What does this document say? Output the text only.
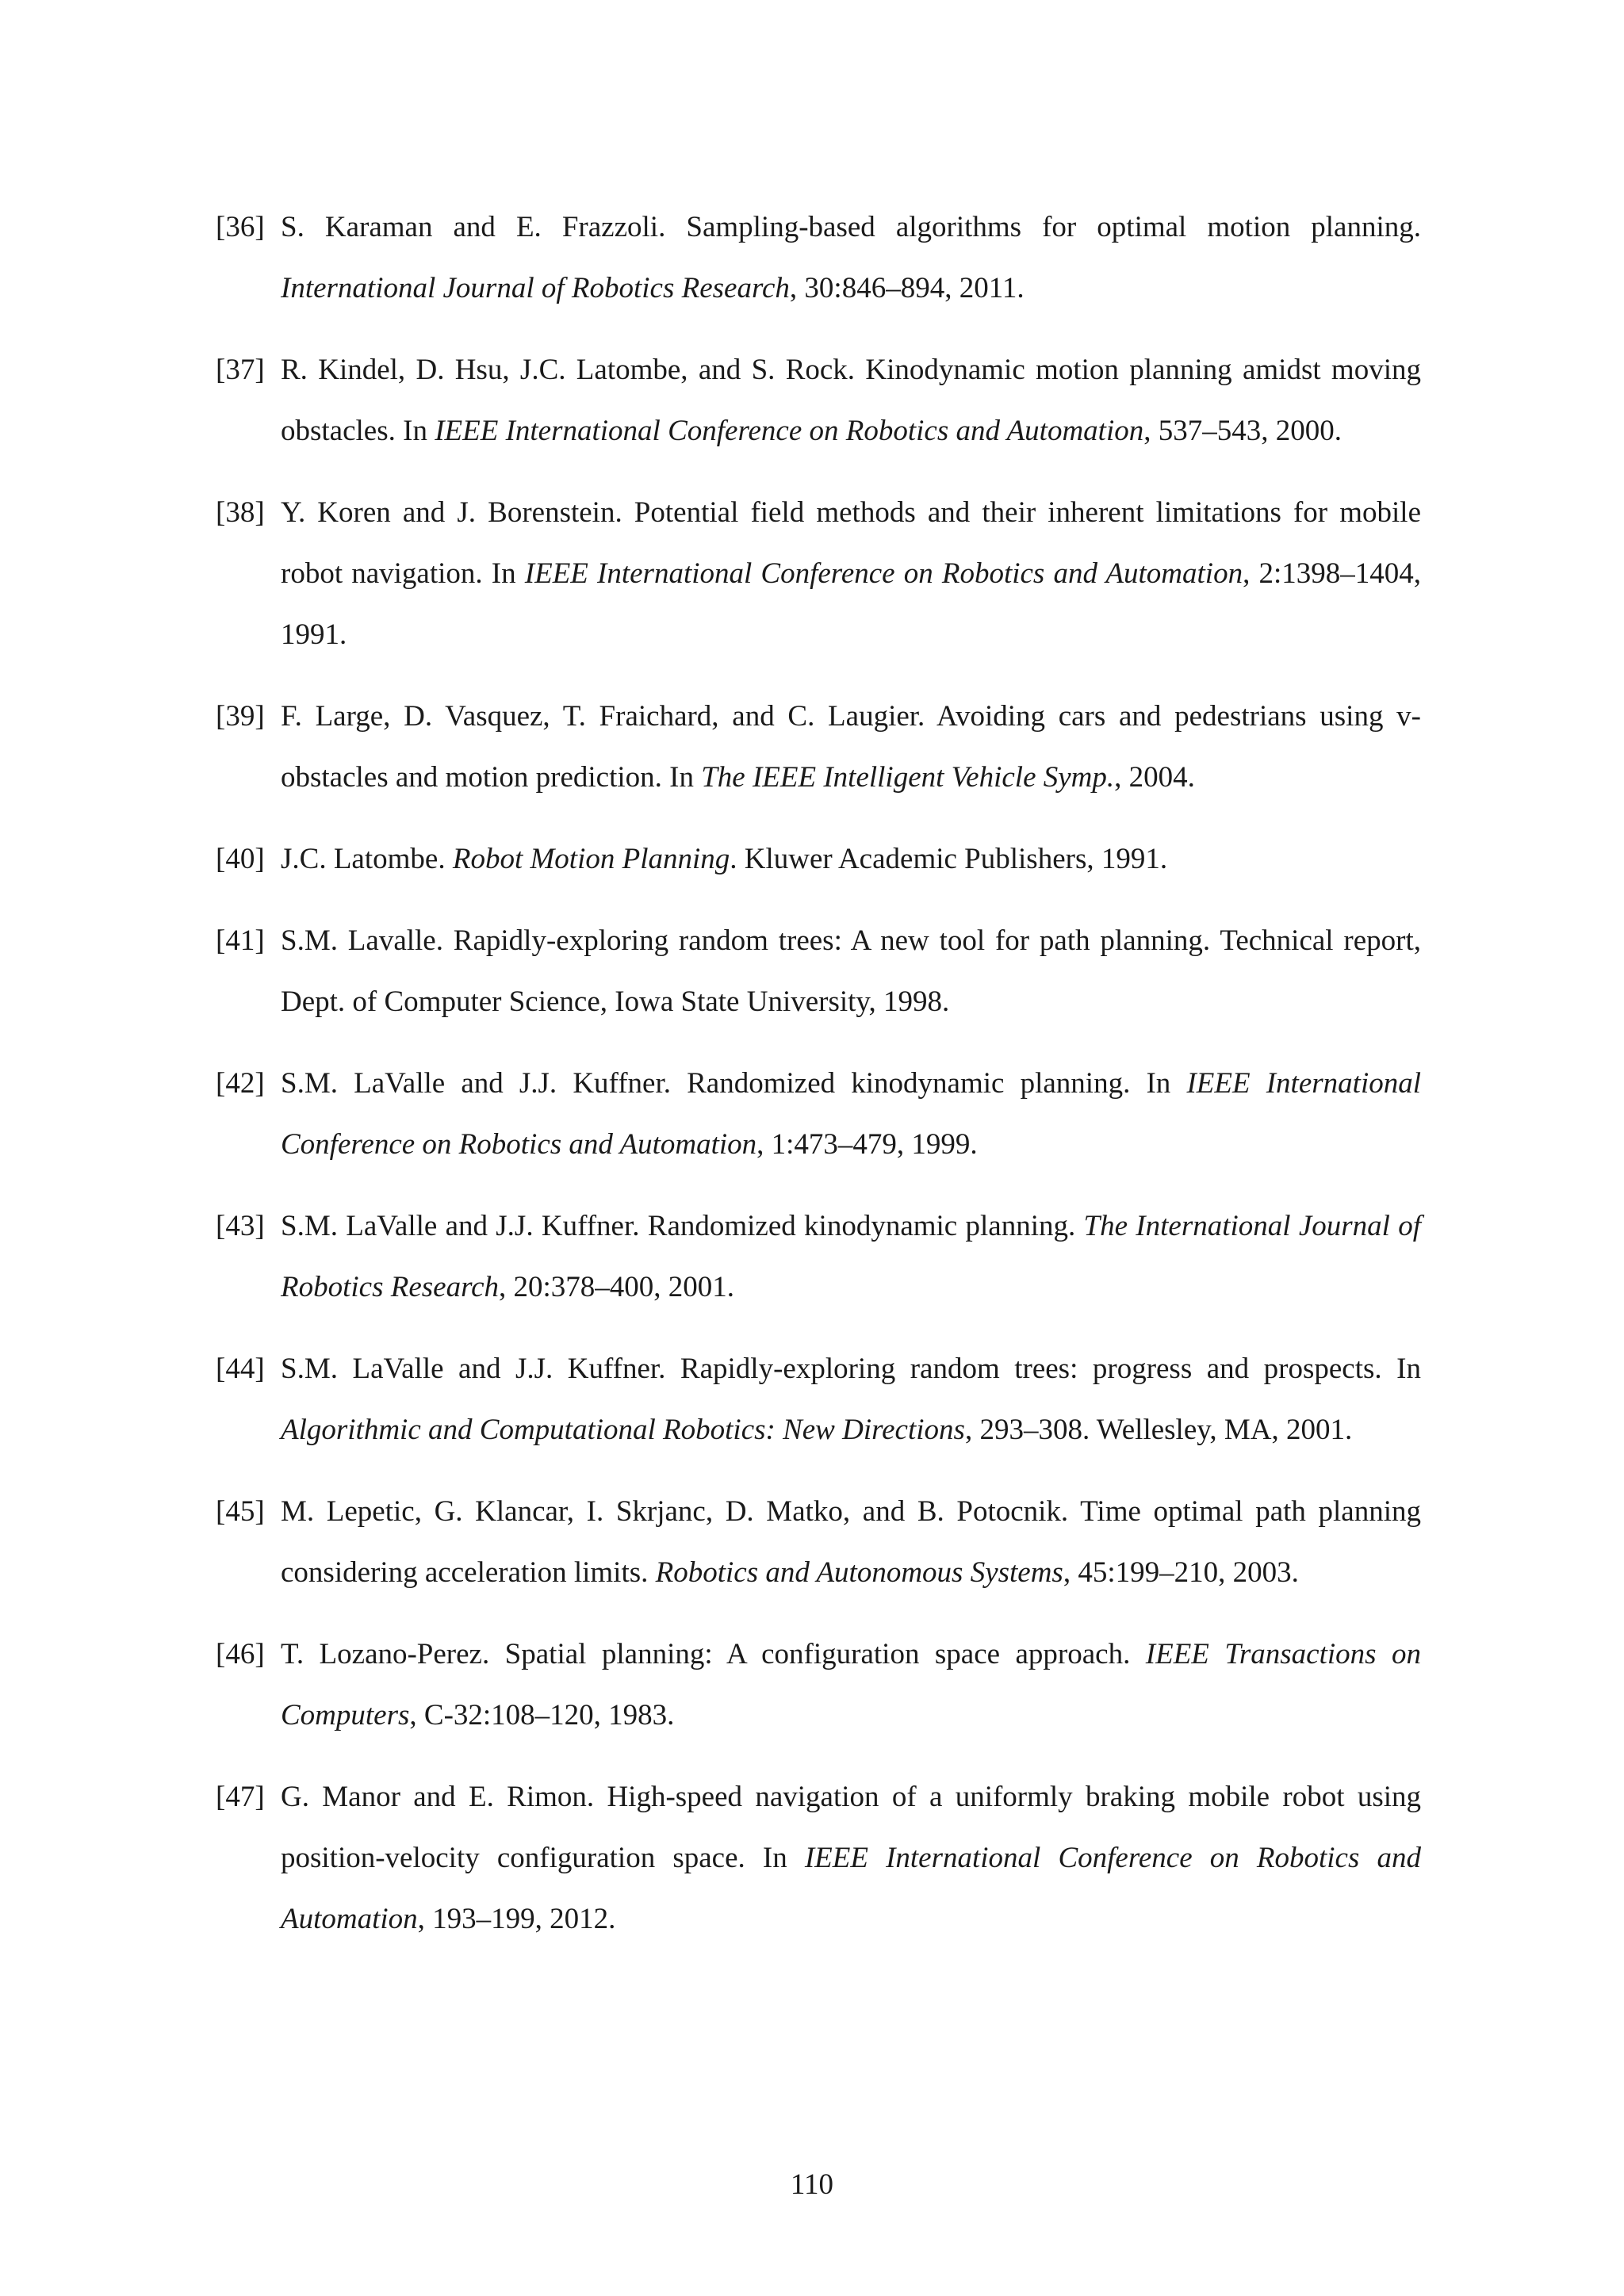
[36] S. Karaman and E. Frazzoli. Sampling-based algorithms for optimal motion planning. International Journal of Robotics Research, 30:846–894, 2011.
[37] R. Kindel, D. Hsu, J.C. Latombe, and S. Rock. Kinodynamic motion planning amidst moving obstacles. In IEEE International Conference on Robotics and Automation, 537–543, 2000.
[38] Y. Koren and J. Borenstein. Potential field methods and their inherent limitations for mobile robot navigation. In IEEE International Conference on Robotics and Automation, 2:1398–1404, 1991.
[39] F. Large, D. Vasquez, T. Fraichard, and C. Laugier. Avoiding cars and pedestrians using v-obstacles and motion prediction. In The IEEE Intelligent Vehicle Symp., 2004.
[40] J.C. Latombe. Robot Motion Planning. Kluwer Academic Publishers, 1991.
[41] S.M. Lavalle. Rapidly-exploring random trees: A new tool for path planning. Technical report, Dept. of Computer Science, Iowa State University, 1998.
[42] S.M. LaValle and J.J. Kuffner. Randomized kinodynamic planning. In IEEE International Conference on Robotics and Automation, 1:473–479, 1999.
[43] S.M. LaValle and J.J. Kuffner. Randomized kinodynamic planning. The International Journal of Robotics Research, 20:378–400, 2001.
[44] S.M. LaValle and J.J. Kuffner. Rapidly-exploring random trees: progress and prospects. In Algorithmic and Computational Robotics: New Directions, 293–308. Wellesley, MA, 2001.
[45] M. Lepetic, G. Klancar, I. Skrjanc, D. Matko, and B. Potocnik. Time optimal path planning considering acceleration limits. Robotics and Autonomous Systems, 45:199–210, 2003.
[46] T. Lozano-Perez. Spatial planning: A configuration space approach. IEEE Transactions on Computers, C-32:108–120, 1983.
[47] G. Manor and E. Rimon. High-speed navigation of a uniformly braking mobile robot using position-velocity configuration space. In IEEE International Conference on Robotics and Automation, 193–199, 2012.
110
